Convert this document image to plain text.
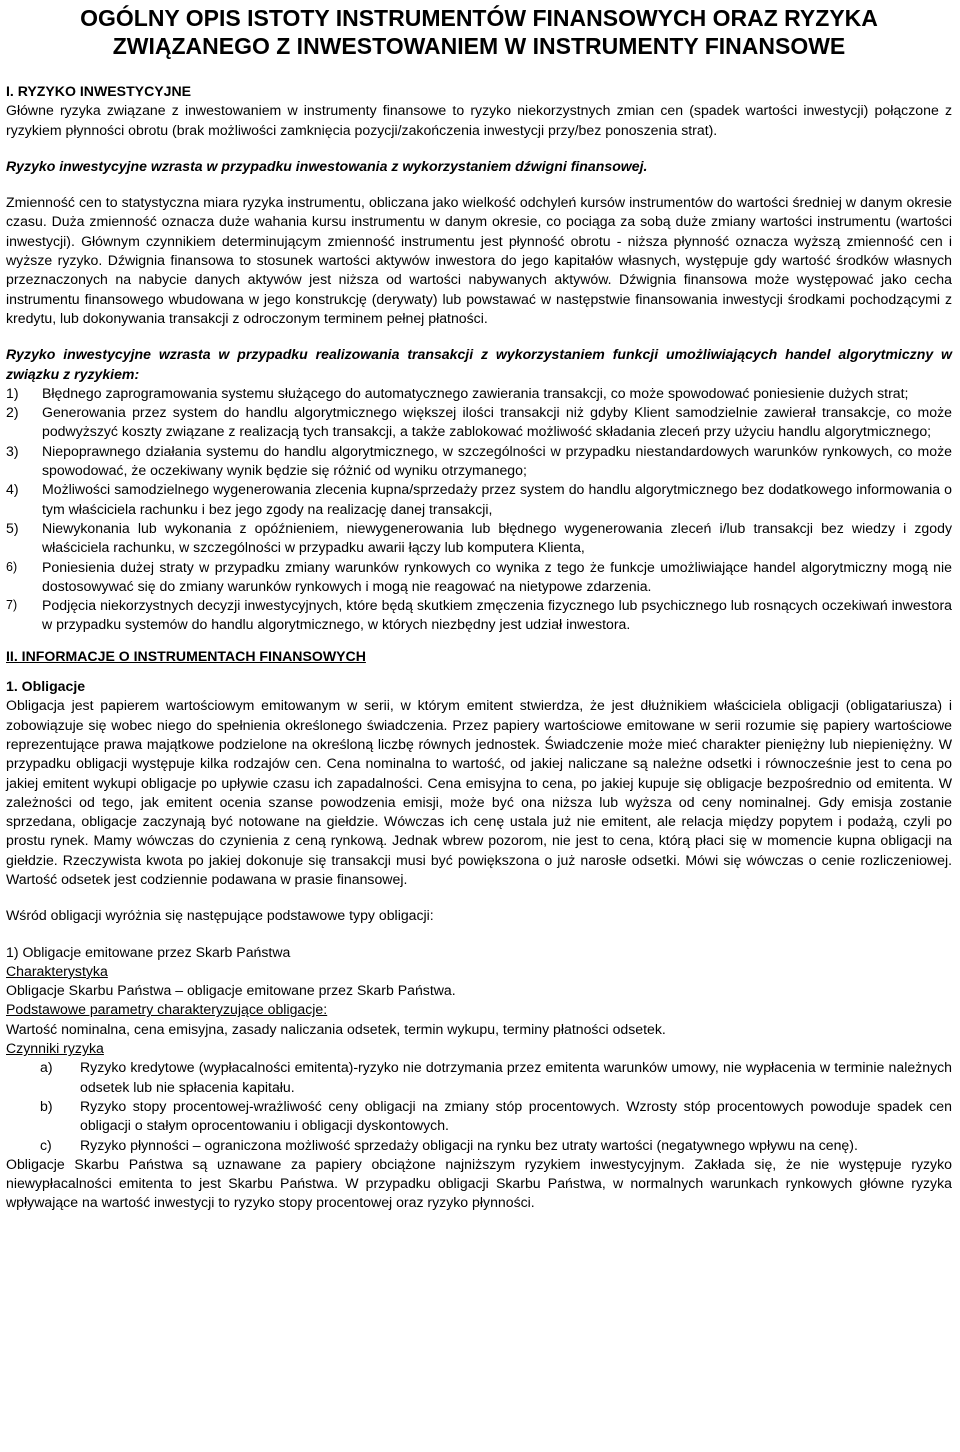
OGÓLNY OPIS ISTOTY INSTRUMENTÓW FINANSOWYCH ORAZ RYZYKA ZWIĄZANEGO Z INWESTOWANIEM W INSTRUMENTY FINANSOWE

I. RYZYKO INWESTYCYJNE

Główne ryzyka związane z inwestowaniem w instrumenty finansowe to ryzyko niekorzystnych zmian cen (spadek wartości inwestycji) połączone z ryzykiem płynności obrotu (brak możliwości zamknięcia pozycji/zakończenia inwestycji przy/bez ponoszenia strat).

Ryzyko inwestycyjne wzrasta w przypadku inwestowania z wykorzystaniem dźwigni finansowej.

Zmienność cen to statystyczna miara ryzyka instrumentu, obliczana jako wielkość odchyleń kursów instrumentów do wartości średniej w danym okresie czasu. Duża zmienność oznacza duże wahania kursu instrumentu w danym okresie, co pociąga za sobą duże zmiany wartości instrumentu (wartości inwestycji). Głównym czynnikiem determinującym zmienność instrumentu jest płynność obrotu - niższa płynność oznacza wyższą zmienność cen i wyższe ryzyko. Dźwignia finansowa to stosunek wartości aktywów inwestora do jego kapitałów własnych, występuje gdy wartość środków własnych przeznaczonych na nabycie danych aktywów jest niższa od wartości nabywanych aktywów. Dźwignia finansowa może występować jako cecha instrumentu finansowego wbudowana w jego konstrukcję (derywaty) lub powstawać w następstwie finansowania inwestycji środkami pochodzącymi z kredytu, lub dokonywania transakcji z odroczonym terminem pełnej płatności.

Ryzyko inwestycyjne wzrasta w przypadku realizowania transakcji z wykorzystaniem funkcji umożliwiających handel algorytmiczny w związku z ryzykiem:

1)	Błędnego zaprogramowania systemu służącego do automatycznego zawierania transakcji, co może spowodować poniesienie dużych strat;
2)	Generowania przez system do handlu algorytmicznego większej ilości transakcji niż gdyby Klient samodzielnie zawierał transakcje, co może podwyższyć koszty związane z realizacją tych transakcji, a także zablokować możliwość składania zleceń przy użyciu handlu algorytmicznego;
3)	Niepoprawnego działania systemu do handlu algorytmicznego, w szczególności w przypadku niestandardowych warunków rynkowych, co może spowodować, że oczekiwany wynik będzie się różnić od wyniku otrzymanego;
4)	Możliwości samodzielnego wygenerowania zlecenia kupna/sprzedaży przez system do handlu algorytmicznego bez dodatkowego informowania o tym właściciela rachunku i bez jego zgody na realizację danej transakcji,
5)	Niewykonania lub wykonania z opóźnieniem, niewygenerowania lub błędnego wygenerowania zleceń i/lub transakcji bez wiedzy i zgody właściciela rachunku, w szczególności w przypadku awarii łączy lub komputera Klienta,
6)	Poniesienia dużej straty w przypadku zmiany warunków rynkowych co wynika z tego że funkcje umożliwiające handel algorytmiczny mogą nie dostosowywać się do zmiany warunków rynkowych i mogą nie reagować na nietypowe zdarzenia.
7)	Podjęcia niekorzystnych decyzji inwestycyjnych, które będą skutkiem zmęczenia fizycznego lub psychicznego lub rosnących oczekiwań inwestora w przypadku systemów do handlu algorytmicznego, w których niezbędny jest udział inwestora.

II. INFORMACJE O INSTRUMENTACH FINANSOWYCH

1. Obligacje

Obligacja jest papierem wartościowym emitowanym w serii, w którym emitent stwierdza, że jest dłużnikiem właściciela obligacji (obligatariusza) i zobowiązuje się wobec niego do spełnienia określonego świadczenia. Przez papiery wartościowe emitowane w serii rozumie się papiery wartościowe reprezentujące prawa majątkowe podzielone na określoną liczbę równych jednostek. Świadczenie może mieć charakter pieniężny lub niepieniężny. W przypadku obligacji występuje kilka rodzajów cen. Cena nominalna to wartość, od jakiej naliczane są należne odsetki i równocześnie jest to cena po jakiej emitent wykupi obligacje po upływie czasu ich zapadalności. Cena emisyjna to cena, po jakiej kupuje się obligacje bezpośrednio od emitenta. W zależności od tego, jak emitent ocenia szanse powodzenia emisji, może być ona niższa lub wyższa od ceny nominalnej. Gdy emisja zostanie sprzedana, obligacje zaczynają być notowane na giełdzie. Wówczas ich cenę ustala już nie emitent, ale relacja między popytem i podażą, czyli po prostu rynek. Mamy wówczas do czynienia z ceną rynkową. Jednak wbrew pozorom, nie jest to cena, którą płaci się w momencie kupna obligacji na giełdzie. Rzeczywista kwota po jakiej dokonuje się transakcji musi być powiększona o już narosłe odsetki. Mówi się wówczas o cenie rozliczeniowej. Wartość odsetek jest codziennie podawana w prasie finansowej.

Wśród obligacji wyróżnia się następujące podstawowe typy obligacji:

1) Obligacje emitowane przez Skarb Państwa

Charakterystyka

Obligacje Skarbu Państwa – obligacje emitowane przez Skarb Państwa.

Podstawowe parametry charakteryzujące obligacje:

Wartość nominalna, cena emisyjna, zasady naliczania odsetek, termin wykupu, terminy płatności odsetek.

Czynniki ryzyka

a)	Ryzyko kredytowe (wypłacalności emitenta)-ryzyko nie dotrzymania przez emitenta warunków umowy, nie wypłacenia w terminie należnych odsetek lub nie spłacenia kapitału.
b)	Ryzyko stopy procentowej-wrażliwość ceny obligacji na zmiany stóp procentowych. Wzrosty stóp procentowych powoduje spadek cen obligacji o stałym oprocentowaniu i obligacji dyskontowych.
c)	Ryzyko płynności – ograniczona możliwość sprzedaży obligacji na rynku bez utraty wartości (negatywnego wpływu na cenę).

Obligacje Skarbu Państwa są uznawane za papiery obciążone najniższym ryzykiem inwestycyjnym. Zakłada się, że nie występuje ryzyko niewypłacalności emitenta to jest Skarbu Państwa. W przypadku obligacji Skarbu Państwa, w normalnych warunkach rynkowych główne ryzyka wpływające na wartość inwestycji to ryzyko stopy procentowej oraz ryzyko płynności.
